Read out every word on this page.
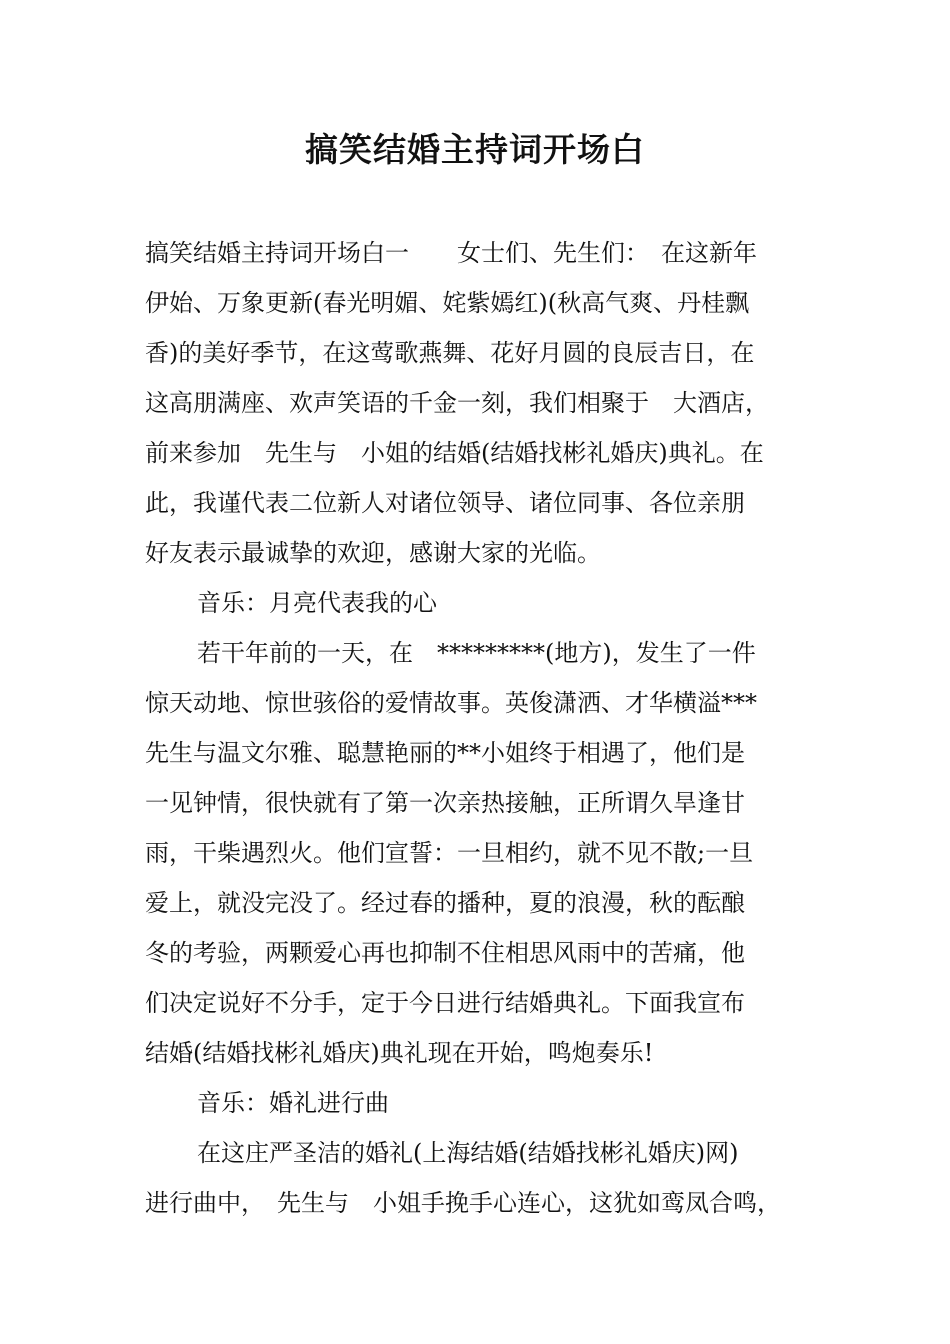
搞笑结婚主持词开场白
搞笑结婚主持词开场白一　　女士们、先生们：　在这新年
伊始、万象更新(春光明媚、姹紫嫣红)(秋高气爽、丹桂飘
香)的美好季节，在这莺歌燕舞、花好月圆的良辰吉日，在
这高朋满座、欢声笑语的千金一刻，我们相聚于　大酒店，
前来参加　先生与　小姐的结婚(结婚找彬礼婚庆)典礼。在
此，我谨代表二位新人对诸位领导、诸位同事、各位亲朋
好友表示最诚挚的欢迎，感谢大家的光临。
音乐：月亮代表我的心
若干年前的一天，在　*********(地方)，发生了一件
惊天动地、惊世骇俗的爱情故事。英俊潇洒、才华横溢***
先生与温文尔雅、聪慧艳丽的**小姐终于相遇了，他们是
一见钟情，很快就有了第一次亲热接触，正所谓久旱逢甘
雨，干柴遇烈火。他们宣誓：一旦相约，就不见不散;一旦
爱上，就没完没了。经过春的播种，夏的浪漫，秋的酝酿
冬的考验，两颗爱心再也抑制不住相思风雨中的苦痛，他
们决定说好不分手，定于今日进行结婚典礼。下面我宣布
结婚(结婚找彬礼婚庆)典礼现在开始，鸣炮奏乐!
音乐：婚礼进行曲
在这庄严圣洁的婚礼(上海结婚(结婚找彬礼婚庆)网)
进行曲中，　先生与　小姐手挽手心连心，这犹如鸾凤合鸣，
